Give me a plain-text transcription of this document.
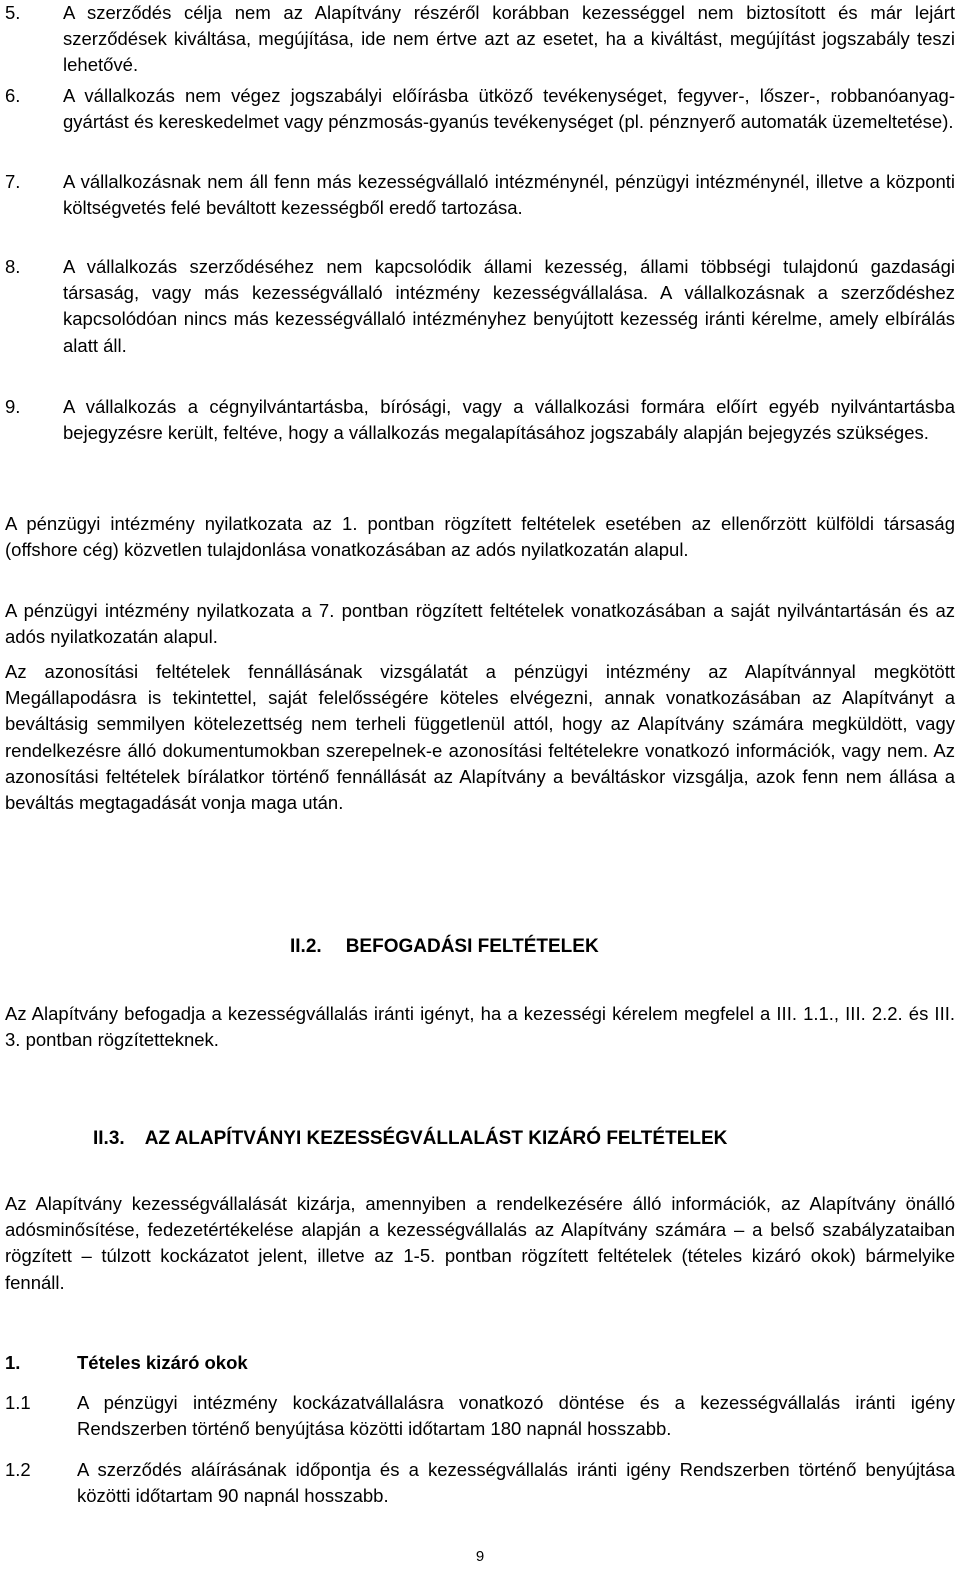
5. A szerződés célja nem az Alapítvány részéről korábban kezességgel nem biztosított és már lejárt szerződések kiváltása, megújítása, ide nem értve azt az esetet, ha a kiváltást, megújítást jogszabály teszi lehetővé.

6. A vállalkozás nem végez jogszabályi előírásba ütköző tevékenységet, fegyver-, lőszer-, robbanóanyag-gyártást és kereskedelmet vagy pénzmosás-gyanús tevékenységet (pl. pénznyerő automaták üzemeltetése).

7. A vállalkozásnak nem áll fenn más kezességvállaló intézménynél, pénzügyi intézménynél, illetve a központi költségvetés felé beváltott kezességből eredő tartozása.

8. A vállalkozás szerződéséhez nem kapcsolódik állami kezesség, állami többségi tulajdonú gazdasági társaság, vagy más kezességvállaló intézmény kezességvállalása. A vállalkozásnak a szerződéshez kapcsolódóan nincs más kezességvállaló intézményhez benyújtott kezesség iránti kérelme, amely elbírálás alatt áll.

9. A vállalkozás a cégnyilvántartásba, bírósági, vagy a vállalkozási formára előírt egyéb nyilvántartásba bejegyzésre került, feltéve, hogy a vállalkozás megalapításához jogszabály alapján bejegyzés szükséges.

A pénzügyi intézmény nyilatkozata az 1. pontban rögzített feltételek esetében az ellenőrzött külföldi társaság (offshore cég) közvetlen tulajdonlása vonatkozásában az adós nyilatkozatán alapul.

A pénzügyi intézmény nyilatkozata a 7. pontban rögzített feltételek vonatkozásában a saját nyilvántartásán és az adós nyilatkozatán alapul.

Az azonosítási feltételek fennállásának vizsgálatát a pénzügyi intézmény az Alapítvánnyal megkötött Megállapodásra is tekintettel, saját felelősségére köteles elvégezni, annak vonatkozásában az Alapítványt a beváltásig semmilyen kötelezettség nem terheli függetlenül attól, hogy az Alapítvány számára megküldött, vagy rendelkezésre álló dokumentumokban szerepelnek-e azonosítási feltételekre vonatkozó információk, vagy nem. Az azonosítási feltételek bírálatkor történő fennállását az Alapítvány a beváltáskor vizsgálja, azok fenn nem állása a beváltás megtagadását vonja maga után.

II.2. BEFOGADÁSI FELTÉTELEK

Az Alapítvány befogadja a kezességvállalás iránti igényt, ha a kezességi kérelem megfelel a III. 1.1., III. 2.2. és III. 3. pontban rögzítetteknek.

II.3. AZ ALAPÍTVÁNYI KEZESSÉGVÁLLALÁST KIZÁRÓ FELTÉTELEK

Az Alapítvány kezességvállalását kizárja, amennyiben a rendelkezésére álló információk, az Alapítvány önálló adósminősítése, fedezetértékelése alapján a kezességvállalás az Alapítvány számára – a belső szabályzataiban rögzített – túlzott kockázatot jelent, illetve az 1-5. pontban rögzített feltételek (tételes kizáró okok) bármelyike fennáll.

1.	Tételes kizáró okok
1.1	A pénzügyi intézmény kockázatvállalásra vonatkozó döntése és a kezességvállalás iránti igény Rendszerben történő benyújtása közötti időtartam 180 napnál hosszabb.

1.2	A szerződés aláírásának időpontja és a kezességvállalás iránti igény Rendszerben történő benyújtása közötti időtartam 90 napnál hosszabb.

9
